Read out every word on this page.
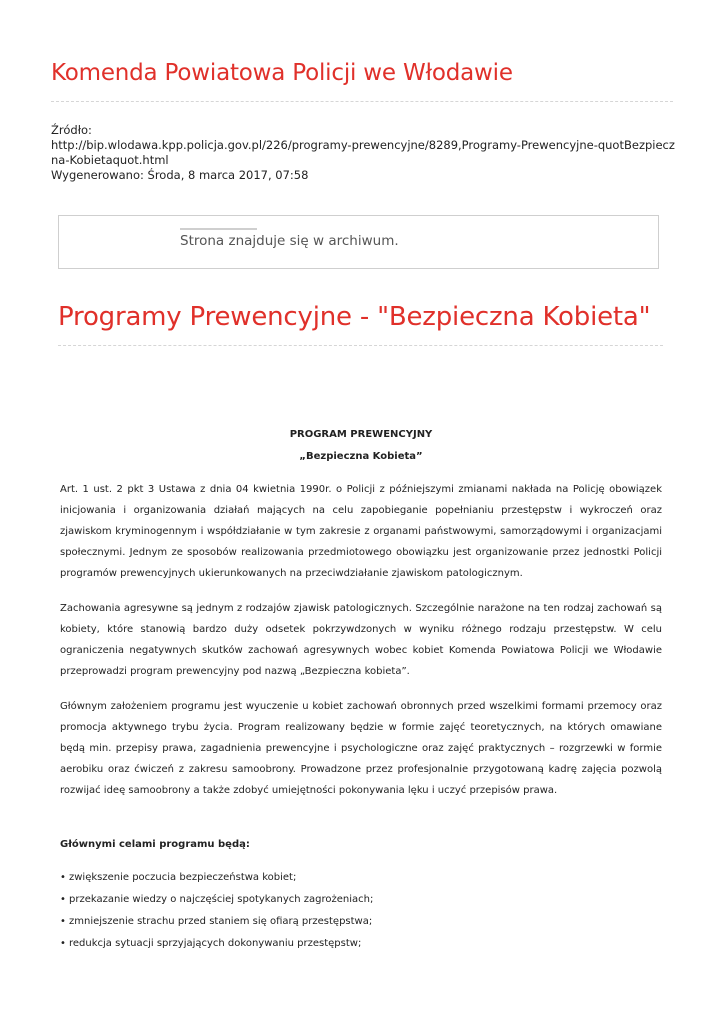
Komenda Powiatowa Policji we Włodawie
Źródło:
http://bip.wlodawa.kpp.policja.gov.pl/226/programy-prewencyjne/8289,Programy-Prewencyjne-quotBezpieczna-Kobietaquot.html
Wygenerowano: Środa, 8 marca 2017, 07:58
Strona znajduje się w archiwum.
Programy Prewencyjne - "Bezpieczna Kobieta"
PROGRAM PREWENCYJNY
„Bezpieczna Kobieta”

Art. 1 ust. 2 pkt 3 Ustawa z dnia 04 kwietnia 1990r. o Policji z późniejszymi zmianami nakłada na Policję obowiązek inicjowania i organizowania działań mających na celu zapobieganie popełnianiu przestępstw i wykroczeń oraz zjawiskom kryminogennym i współdziałanie w tym zakresie z organami państwowymi, samorządowymi i organizacjami społecznymi. Jednym ze sposobów realizowania przedmiotowego obowiązku jest organizowanie przez jednostki Policji programów prewencyjnych ukierunkowanych na przeciwdziałanie zjawiskom patologicznym.

Zachowania agresywne są jednym z rodzajów zjawisk patologicznych. Szczególnie narażone na ten rodzaj zachowań są kobiety, które stanowią bardzo duży odsetek pokrzywdzonych w wyniku różnego rodzaju przestępstw. W celu ograniczenia negatywnych skutków zachowań agresywnych wobec kobiet Komenda Powiatowa Policji we Włodawie przeprowadzi program prewencyjny pod nazwą „Bezpieczna kobieta”.

Głównym założeniem programu jest wyuczenie u kobiet zachowań obronnych przed wszelkimi formami przemocy oraz promocja aktywnego trybu życia. Program realizowany będzie w formie zajęć teoretycznych, na których omawiane będą min. przepisy prawa, zagadnienia prewencyjne i psychologiczne oraz zajęć praktycznych – rozgrzewki w formie aerobiku oraz ćwiczeń z zakresu samoobrony. Prowadzone przez profesjonalnie przygotowaną kadrę zajęcia pozwolą rozwijać ideę samoobrony a także zdobyć umiejętności pokonywania lęku i uczyć przepisów prawa.

Głównymi celami programu będą:
• zwiększenie poczucia bezpieczeństwa kobiet;
• przekazanie wiedzy o najczęściej spotykanych zagrożeniach;
• zmniejszenie strachu przed staniem się ofiarą przestępstwa;
• redukcja sytuacji sprzyjających dokonywaniu przestępstw;
